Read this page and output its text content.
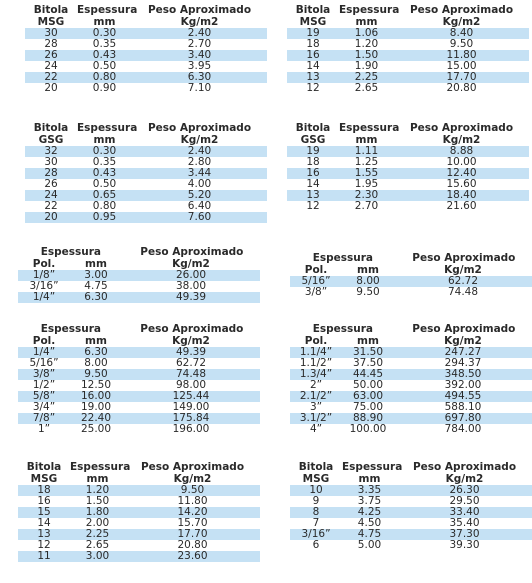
Bitola Espessura	Peso Aproximado
MSG	mm	Kg/m2
30	0.30	2.40
28	0.35	2.70
26	0.43	3.40
24	0.50	3.95
22	0.80	6.30
20	0.90	7.10
Bitola Espessura	Peso Aproximado
MSG	mm	Kg/m2
19	1.06	8.40
18	1.20	9.50
16	1.50	11.80
14	1.90	15.00
13	2.25	17.70
12	2.65	20.80
Bitola Espessura	Peso Aproximado
GSG	mm	Kg/m2
32	0.30	2.40
30	0.35	2.80
28	0.43	3.44
26	0.50	4.00
24	0.65	5.20
22	0.80	6.40
20	0.95	7.60
Bitola Espessura	Peso Aproximado
GSG	mm	Kg/m2
19	1.11	8.88
18	1.25	10.00
16	1.55	12.40
14	1.95	15.60
13	2.30	18.40
12	2.70	21.60
Espessura	Peso Aproximado
Pol.	mm	Kg/m2
1/8”	3.00	26.00
3/16”	4.75	38.00
1/4”	6.30	49.39
Espessura	Peso Aproximado
Pol.	mm	Kg/m2
5/16”	8.00	62.72
3/8”	9.50	74.48
Espessura	Peso Aproximado
Pol.	mm	Kg/m2
1/4”	6.30	49.39
5/16”	8.00	62.72
3/8”	9.50	74.48
1/2”	12.50	98.00
5/8”	16.00	125.44
3/4”	19.00	149.00
7/8”	22.40	175.84
1”	25.00	196.00
Espessura	Peso Aproximado
Pol.	mm	Kg/m2
1.1/4”	31.50	247.27
1.1/2”	37.50	294.37
1.3/4”	44.45	348.50
2”	50.00	392.00
2.1/2”	63.00	494.55
3”	75.00	588.10
3.1/2”	88.90	697.80
4”	100.00	784.00
Bitola Espessura	Peso Aproximado
MSG	mm	Kg/m2
18	1.20	9.50
16	1.50	11.80
15	1.80	14.20
14	2.00	15.70
13	2.25	17.70
12	2.65	20.80
11	3.00	23.60
Bitola Espessura	Peso Aproximado
MSG	mm	Kg/m2
10	3.35	26.30
9	3.75	29.50
8	4.25	33.40
7	4.50	35.40
3/16”	4.75	37.30
6	5.00	39.30
